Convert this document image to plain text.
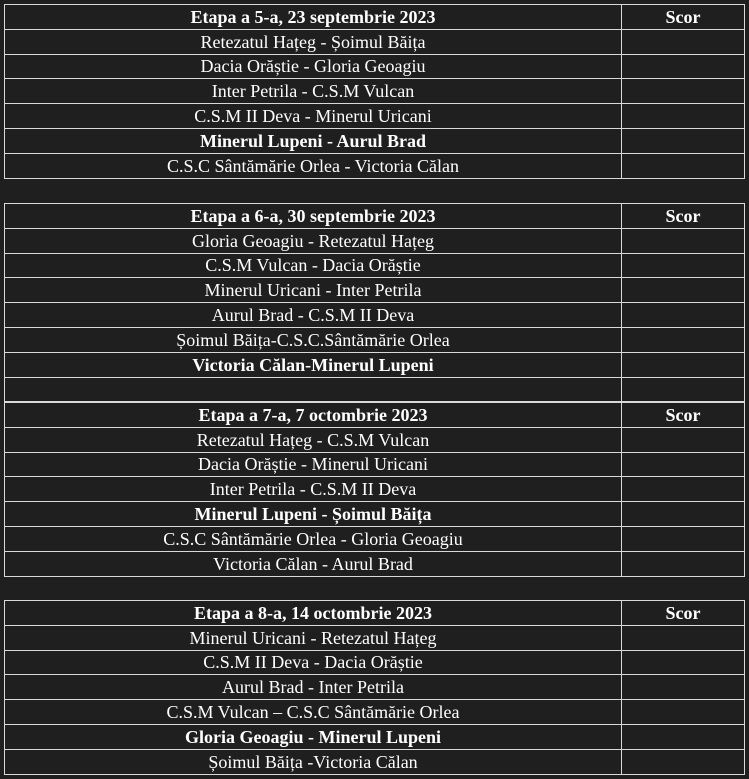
Etapa a 5-a, 23 septembrie 2023	Scor
Retezatul Hațeg - Șoimul Băița	
Dacia Orăștie - Gloria Geoagiu	
Inter Petrila - C.S.M Vulcan	
C.S.M II Deva - Minerul Uricani	
Minerul Lupeni - Aurul Brad	
C.S.C Sântămărie Orlea - Victoria Călan	
Etapa a 6-a, 30 septembrie 2023	Scor
Gloria Geoagiu - Retezatul Hațeg	
C.S.M Vulcan - Dacia Orăștie	
Minerul Uricani - Inter Petrila	
Aurul Brad - C.S.M II Deva	
Șoimul Băița-C.S.C.Sântămărie Orlea	
Victoria Călan-Minerul Lupeni	

Etapa a 7-a, 7 octombrie 2023	Scor
Retezatul Hațeg - C.S.M Vulcan	
Dacia Orăștie - Minerul Uricani	
Inter Petrila - C.S.M II Deva	
Minerul Lupeni - Șoimul Băița	
C.S.C Sântămărie Orlea - Gloria Geoagiu	
Victoria Călan - Aurul Brad	
Etapa a 8-a, 14 octombrie 2023	Scor
Minerul Uricani - Retezatul Hațeg	
C.S.M II Deva - Dacia Orăștie	
Aurul Brad - Inter Petrila	
C.S.M Vulcan – C.S.C Sântămărie Orlea	
Gloria Geoagiu - Minerul Lupeni	
Șoimul Băița -Victoria Călan	
